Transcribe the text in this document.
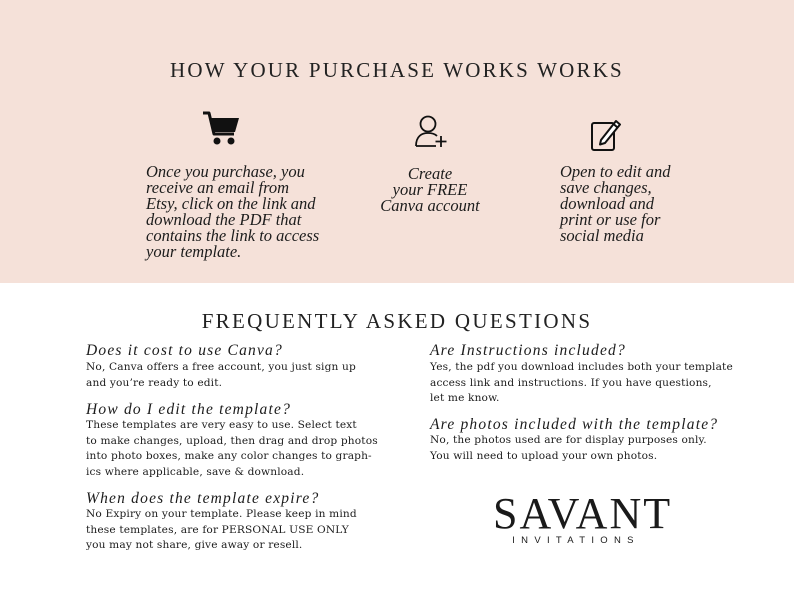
HOW YOUR PURCHASE WORKS WORKS
Once you purchase, you
receive an email from
Etsy, click on the link and
download the PDF that
contains the link to access
your template.
Create
your FREE
Canva account
Open to edit and
save changes,
download and
print or use for
social media
FREQUENTLY ASKED QUESTIONS
Does it cost to use Canva?
No, Canva offers a free account, you just sign up
and you’re ready to edit.
How do I edit the template?
These templates are very easy to use. Select text
to make changes, upload, then drag and drop photos
into photo boxes, make any color changes to graph-
ics where applicable, save & download.
When does the template expire?
No Expiry on your template. Please keep in mind
these templates, are for PERSONAL USE ONLY
you may not share, give away or resell.
Are Instructions included?
Yes, the pdf you download includes both your template
access link and instructions. If you have questions,
let me know.
Are photos included with the template?
No, the photos used are for display purposes only.
You will need to upload your own photos.
SAVANT
INVITATIONS
